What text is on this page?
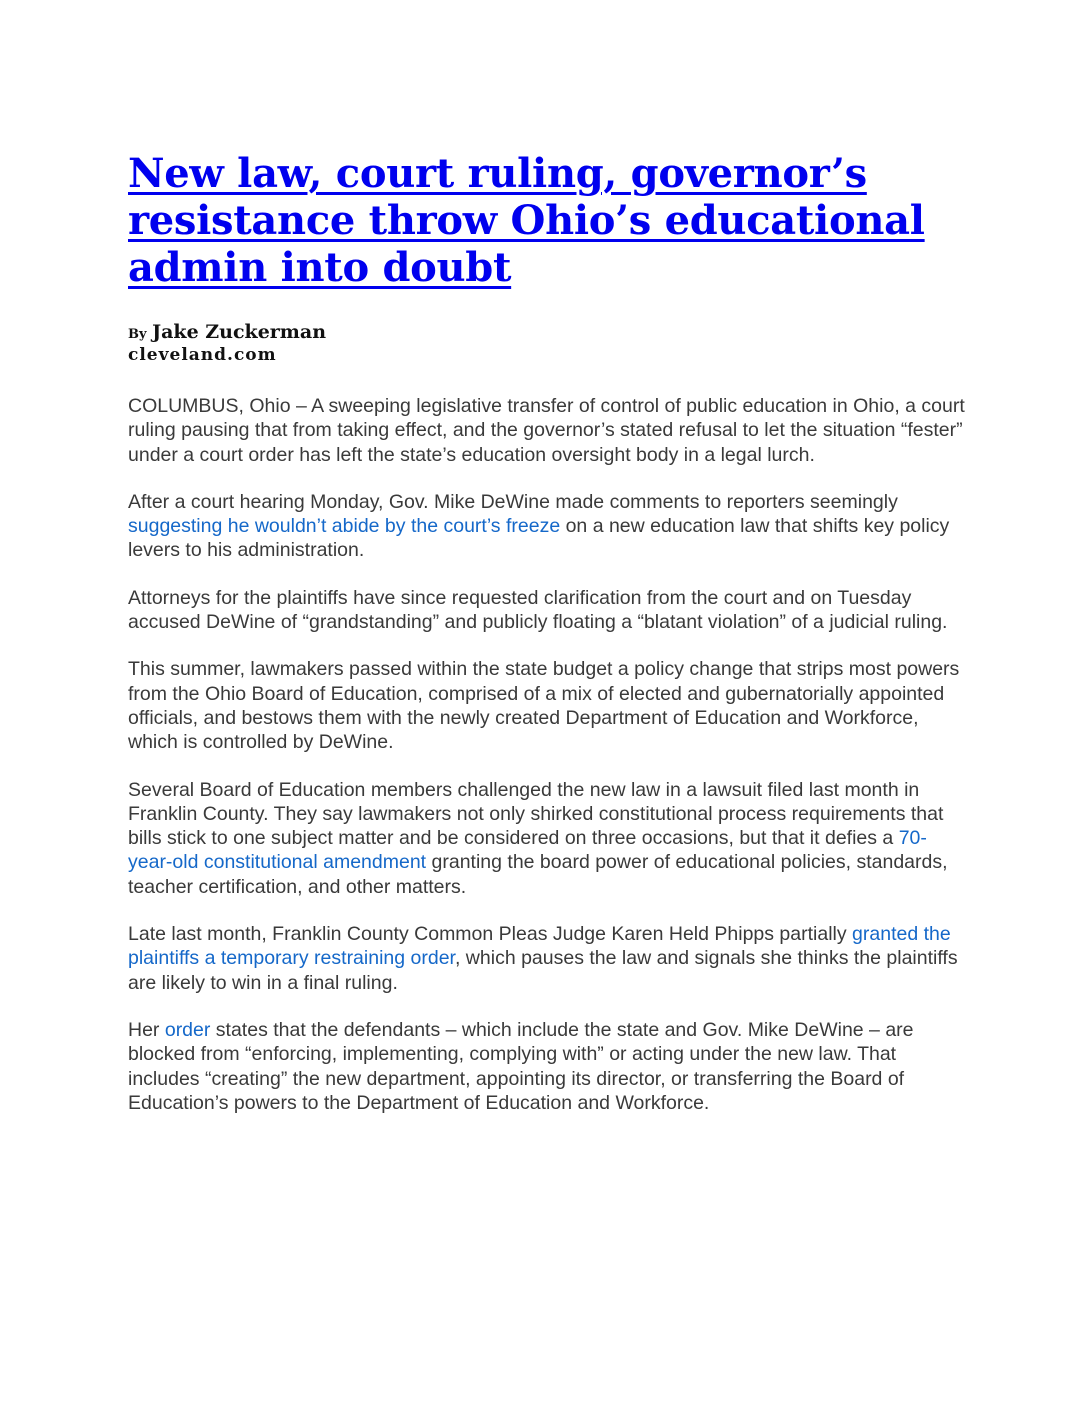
New law, court ruling, governor’s resistance throw Ohio’s educational admin into doubt
By Jake Zuckerman
cleveland.com

COLUMBUS, Ohio – A sweeping legislative transfer of control of public education in Ohio, a court ruling pausing that from taking effect, and the governor’s stated refusal to let the situation “fester” under a court order has left the state’s education oversight body in a legal lurch.

After a court hearing Monday, Gov. Mike DeWine made comments to reporters seemingly suggesting he wouldn’t abide by the court’s freeze on a new education law that shifts key policy levers to his administration.

Attorneys for the plaintiffs have since requested clarification from the court and on Tuesday accused DeWine of “grandstanding” and publicly floating a “blatant violation” of a judicial ruling.

This summer, lawmakers passed within the state budget a policy change that strips most powers from the Ohio Board of Education, comprised of a mix of elected and gubernatorially appointed officials, and bestows them with the newly created Department of Education and Workforce, which is controlled by DeWine.

Several Board of Education members challenged the new law in a lawsuit filed last month in Franklin County. They say lawmakers not only shirked constitutional process requirements that bills stick to one subject matter and be considered on three occasions, but that it defies a 70-year-old constitutional amendment granting the board power of educational policies, standards, teacher certification, and other matters.

Late last month, Franklin County Common Pleas Judge Karen Held Phipps partially granted the plaintiffs a temporary restraining order, which pauses the law and signals she thinks the plaintiffs are likely to win in a final ruling.

Her order states that the defendants – which include the state and Gov. Mike DeWine – are blocked from “enforcing, implementing, complying with” or acting under the new law. That includes “creating” the new department, appointing its director, or transferring the Board of Education’s powers to the Department of Education and Workforce.
